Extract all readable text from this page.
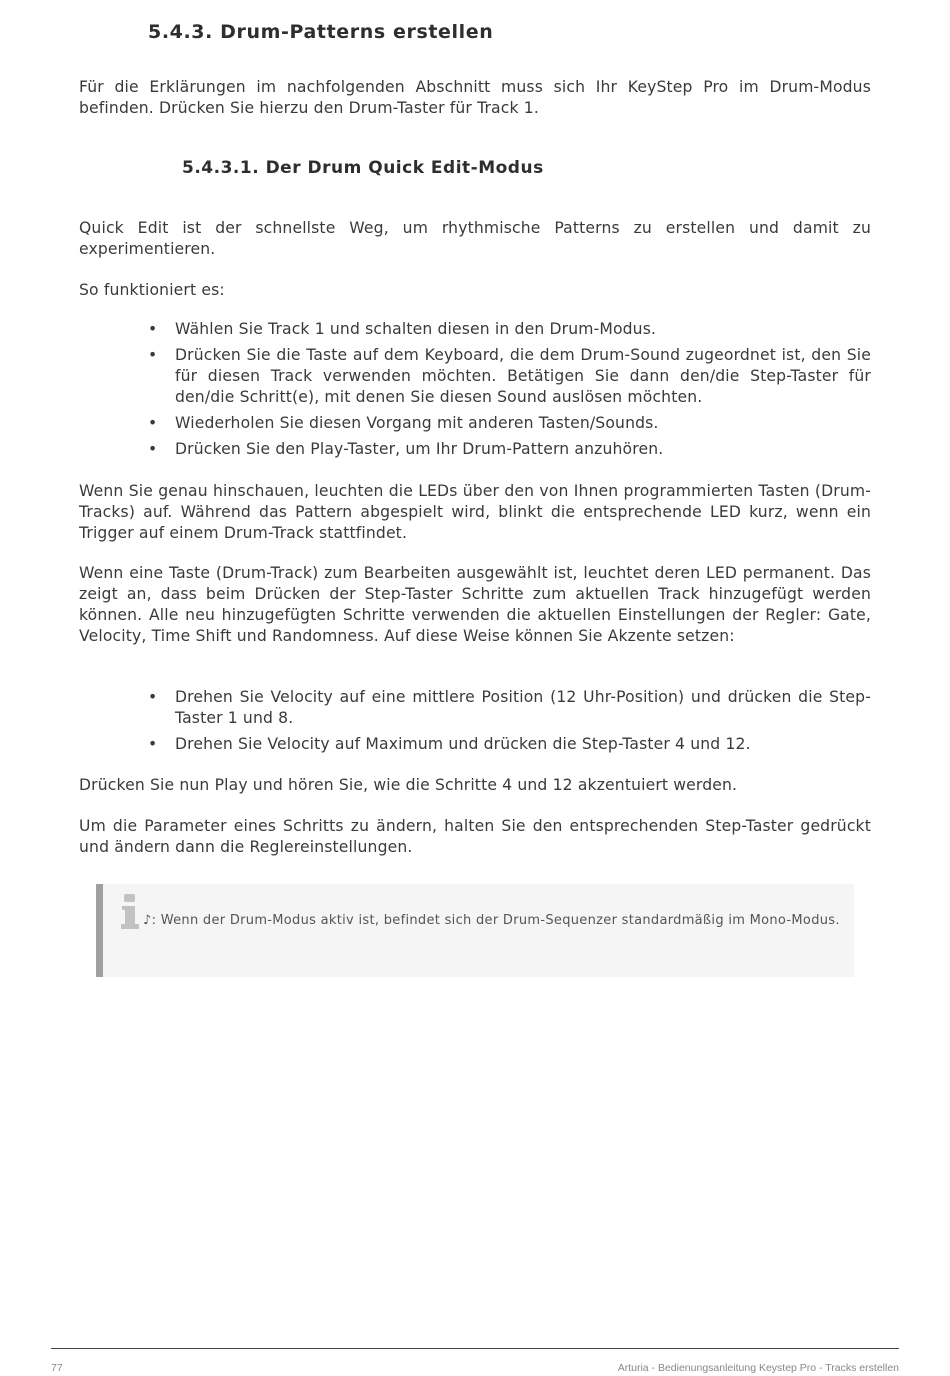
5.4.3. Drum-Patterns erstellen

Für die Erklärungen im nachfolgenden Abschnitt muss sich Ihr KeyStep Pro im Drum-Modus befinden. Drücken Sie hierzu den Drum-Taster für Track 1.

5.4.3.1. Der Drum Quick Edit-Modus

Quick Edit ist der schnellste Weg, um rhythmische Patterns zu erstellen und damit zu experimentieren.

So funktioniert es:

• Wählen Sie Track 1 und schalten diesen in den Drum-Modus.
• Drücken Sie die Taste auf dem Keyboard, die dem Drum-Sound zugeordnet ist, den Sie für diesen Track verwenden möchten. Betätigen Sie dann den/die Step-Taster für den/die Schritt(e), mit denen Sie diesen Sound auslösen möchten.
• Wiederholen Sie diesen Vorgang mit anderen Tasten/Sounds.
• Drücken Sie den Play-Taster, um Ihr Drum-Pattern anzuhören.

Wenn Sie genau hinschauen, leuchten die LEDs über den von Ihnen programmierten Tasten (Drum-Tracks) auf. Während das Pattern abgespielt wird, blinkt die entsprechende LED kurz, wenn ein Trigger auf einem Drum-Track stattfindet.

Wenn eine Taste (Drum-Track) zum Bearbeiten ausgewählt ist, leuchtet deren LED permanent. Das zeigt an, dass beim Drücken der Step-Taster Schritte zum aktuellen Track hinzugefügt werden können. Alle neu hinzugefügten Schritte verwenden die aktuellen Einstellungen der Regler: Gate, Velocity, Time Shift und Randomness. Auf diese Weise können Sie Akzente setzen:

• Drehen Sie Velocity auf eine mittlere Position (12 Uhr-Position) und drücken die Step-Taster 1 und 8.
• Drehen Sie Velocity auf Maximum und drücken die Step-Taster 4 und 12.

Drücken Sie nun Play und hören Sie, wie die Schritte 4 und 12 akzentuiert werden.

Um die Parameter eines Schritts zu ändern, halten Sie den entsprechenden Step-Taster gedrückt und ändern dann die Reglereinstellungen.

♪: Wenn der Drum-Modus aktiv ist, befindet sich der Drum-Sequenzer standardmäßig im Mono-Modus.

77	Arturia - Bedienungsanleitung Keystep Pro - Tracks erstellen
